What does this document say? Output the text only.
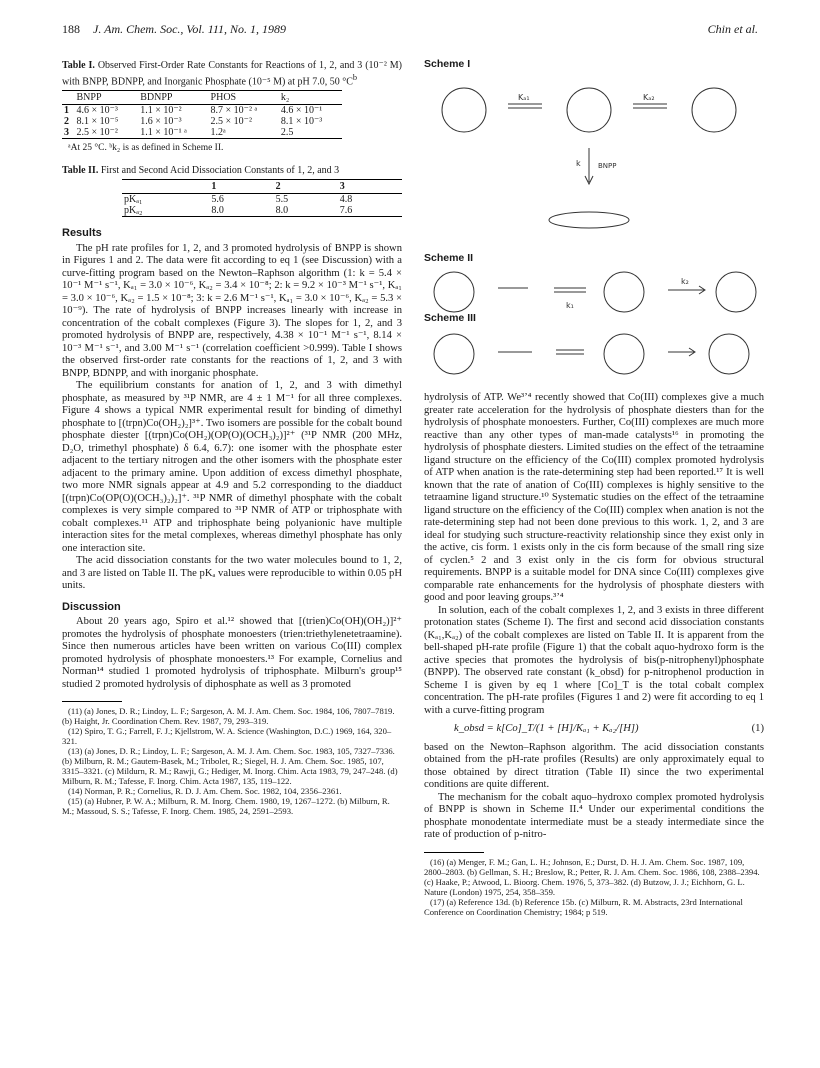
188 J. Am. Chem. Soc., Vol. 111, No. 1, 1989	Chin et al.
Table I. Observed First-Order Rate Constants for Reactions of 1, 2, and 3 (10⁻² M) with BNPP, BDNPP, and Inorganic Phosphate (10⁻⁵ M) at pH 7.0, 50 $^\circ C^b$
	BNPP	BDNPP	PHOS	k₂
1	4.6 × 10⁻³	1.1 × 10⁻²	8.7 × 10⁻² ᵃ	4.6 × 10⁻¹
2	8.1 × 10⁻⁵	1.6 × 10⁻³	2.5 × 10⁻²	8.1 × 10⁻³
3	2.5 × 10⁻²	1.1 × 10⁻¹ ᵃ	1.2ᵃ	2.5
ᵃAt 25 °C. ᵇk₂ is as defined in Scheme II.
Table II. First and Second Acid Dissociation Constants of 1, 2, and 3
	1	2	3
pKₐ₁	5.6	5.5	4.8
pKₐ₂	8.0	8.0	7.6
Results

The pH rate profiles for 1, 2, and 3 promoted hydrolysis of BNPP is shown in Figures 1 and 2. The data were fit according to eq 1 (see Discussion) with a curve-fitting program based on the Newton–Raphson algorithm (1: k = 5.4 × 10⁻¹ M⁻¹ s⁻¹, Kₐ₁ = 3.0 × 10⁻⁶, Kₐ₂ = 3.4 × 10⁻⁸; 2: k = 9.2 × 10⁻³ M⁻¹ s⁻¹, Kₐ₁ = 3.0 × 10⁻⁶, Kₐ₂ = 1.5 × 10⁻⁸; 3: k = 2.6 M⁻¹ s⁻¹, Kₐ₁ = 3.0 × 10⁻⁶, Kₐ₂ = 5.3 × 10⁻⁹). The rate of hydrolysis of BNPP increases linearly with increase in concentration of the cobalt complexes (Figure 3). The slopes for 1, 2, and 3 promoted hydrolysis of BNPP are, respectively, 4.38 × 10⁻¹ M⁻¹ s⁻¹, 8.14 × 10⁻³ M⁻¹ s⁻¹, and 3.00 M⁻¹ s⁻¹ (correlation coefficient >0.999). Table I shows the observed first-order rate constants for the reactions of 1, 2, and 3 with BNPP, BDNPP, and with inorganic phosphate.

The equilibrium constants for anation of 1, 2, and 3 with dimethyl phosphate, as measured by ³¹P NMR, are 4 ± 1 M⁻¹ for all three complexes. Figure 4 shows a typical NMR experimental result for binding of dimethyl phosphate to [(trpn)Co(OH₂)₂]³⁺. Two isomers are possible for the cobalt bound phosphate diester [(trpn)Co(OH₂)(OP(O)(OCH₃)₂)]²⁺ (³¹P NMR (200 MHz, D₂O, trimethyl phosphate) δ 6.4, 6.7): one isomer with the phosphate ester adjacent to the tertiary nitrogen and the other isomers with the phosphate ester adjacent to the primary amine. Upon addition of excess dimethyl phosphate, two more NMR signals appear at 4.9 and 5.2 corresponding to the diadduct [(trpn)Co(OP(O)(OCH₃)₂)₂]⁺. ³¹P NMR of dimethyl phosphate with the cobalt complexes is very simple compared to ³¹P NMR of ATP or triphosphate with cobalt complexes.¹¹ ATP and triphosphate being polyanionic have multiple interaction sites for the metal complexes, whereas dimethyl phosphate has only one interaction site.

The acid dissociation constants for the two water molecules bound to 1, 2, and 3 are listed on Table II. The pKₐ values were reproducible to within 0.05 pH units.

Discussion

About 20 years ago, Spiro et al.¹² showed that [(trien)Co(OH)(OH₂)]²⁺ promotes the hydrolysis of phosphate monoesters (trien:triethylenetetraamine). Since then numerous articles have been written on various Co(III) complex promoted hydrolysis of phosphate monoesters.¹³ For example, Cornelius and Norman¹⁴ studied 1 promoted hydrolysis of triphosphate. Milburn's group¹⁵ studied 2 promoted hydrolysis of diphosphate as well as 3 promoted

(11) (a) Jones, D. R.; Lindoy, L. F.; Sargeson, A. M. J. Am. Chem. Soc. 1984, 106, 7807–7819. (b) Haight, Jr. Coordination Chem. Rev. 1987, 79, 293–319.

(12) Spiro, T. G.; Farrell, F. J.; Kjellstrom, W. A. Science (Washington, D.C.) 1969, 164, 320–321.

(13) (a) Jones, D. R.; Lindoy, L. F.; Sargeson, A. M. J. Am. Chem. Soc. 1983, 105, 7327–7336. (b) Milburn, R. M.; Gautem-Basek, M.; Tribolet, R.; Siegel, H. J. Am. Chem. Soc. 1985, 107, 3315–3321. (c) Mildurn, R. M.; Rawji, G.; Hediger, M. Inorg. Chim. Acta 1983, 79, 247–248. (d) Milburn, R. M.; Tafesse, F. Inorg. Chim. Acta 1987, 135, 119–122.

(14) Norman, P. R.; Cornelius, R. D. J. Am. Chem. Soc. 1982, 104, 2356–2361.

(15) (a) Hubner, P. W. A.; Milburn, R. M. Inorg. Chem. 1980, 19, 1267–1272. (b) Milburn, R. M.; Massoud, S. S.; Tafesse, F. Inorg. Chem. 1985, 24, 2591–2593.

Scheme I
Kₐ₁	Kₐ₂
BNPP
k
Scheme II
k₁
k₂
Scheme III

hydrolysis of ATP. We³ʼ⁴ recently showed that Co(III) complexes give a much greater rate acceleration for the hydrolysis of phosphate diesters than for the hydrolysis of phosphate monoesters. Further, Co(III) complexes are much more reactive than any other types of man-made catalysts¹⁶ in promoting the hydrolysis of phosphate diesters. Limited studies on the effect of the tetraamine ligand structure on the efficiency of the Co(III) complex promoted hydrolysis of ATP when anation is the rate-determining step had been reported.¹⁷ It is well known that the rate of anation of Co(III) complexes is highly sensitive to the tetraamine ligand structure.¹⁰ Systematic studies on the effect of the tetraamine ligand structure on the efficiency of the Co(III) complex when anation is not the rate-determining step had not been done previous to this work. 1, 2, and 3 are ideal for studying such structure-reactivity relationship since they exist only in the active, cis form. 1 exists only in the cis form because of the small ring size of cyclen.⁵ 2 and 3 exist only in the cis form for obvious structural requirements. BNPP is a suitable model for DNA since Co(III) complexes give comparable rate enhancements for the hydrolysis of phosphate diesters with good and poor leaving groups.³ʼ⁴

In solution, each of the cobalt complexes 1, 2, and 3 exists in three different protonation states (Scheme I). The first and second acid dissociation constants (Kₐ₁,Kₐ₂) of the cobalt complexes are listed on Table II. It is apparent from the bell-shaped pH-rate profile (Figure 1) that the cobalt aquo-hydroxo form is the active species that promotes the hydrolysis of bis(p-nitrophenyl)phosphate (BNPP). The observed rate constant (k_obsd) for p-nitrophenol production in Scheme I is given by eq 1 where [Co]_T is the total cobalt complex concentration. The pH-rate profiles (Figures 1 and 2) were fit according to eq 1 with a curve-fitting program

k_obsd = k[Co]_T/(1 + [H]/Kₐ₁ + Kₐ₂/[H])	(1)

based on the Newton–Raphson algorithm. The acid dissociation constants obtained from the pH-rate profiles (Results) are only approximately equal to those obtained by direct titration (Table II) since the two experimental conditions are quite different.

The mechanism for the cobalt aquo–hydroxo complex promoted hydrolysis of BNPP is shown in Scheme II.⁴ Under our experimental conditions the phosphate monodentate intermediate must be a steady intermediate since the rate of production of p-nitro-

(16) (a) Menger, F. M.; Gan, L. H.; Johnson, E.; Durst, D. H. J. Am. Chem. Soc. 1987, 109, 2800–2803. (b) Gellman, S. H.; Breslow, R.; Petter, R. J. Am. Chem. Soc. 1986, 108, 2388–2394. (c) Haake, P.; Atwood, L. Bioorg. Chem. 1976, 5, 373–382. (d) Butzow, J. J.; Eichhorn, G. L. Nature (London) 1975, 254, 358–359.

(17) (a) Reference 13d. (b) Reference 15b. (c) Milburn, R. M. Abstracts, 23rd International Conference on Coordination Chemistry; 1984; p 519.
